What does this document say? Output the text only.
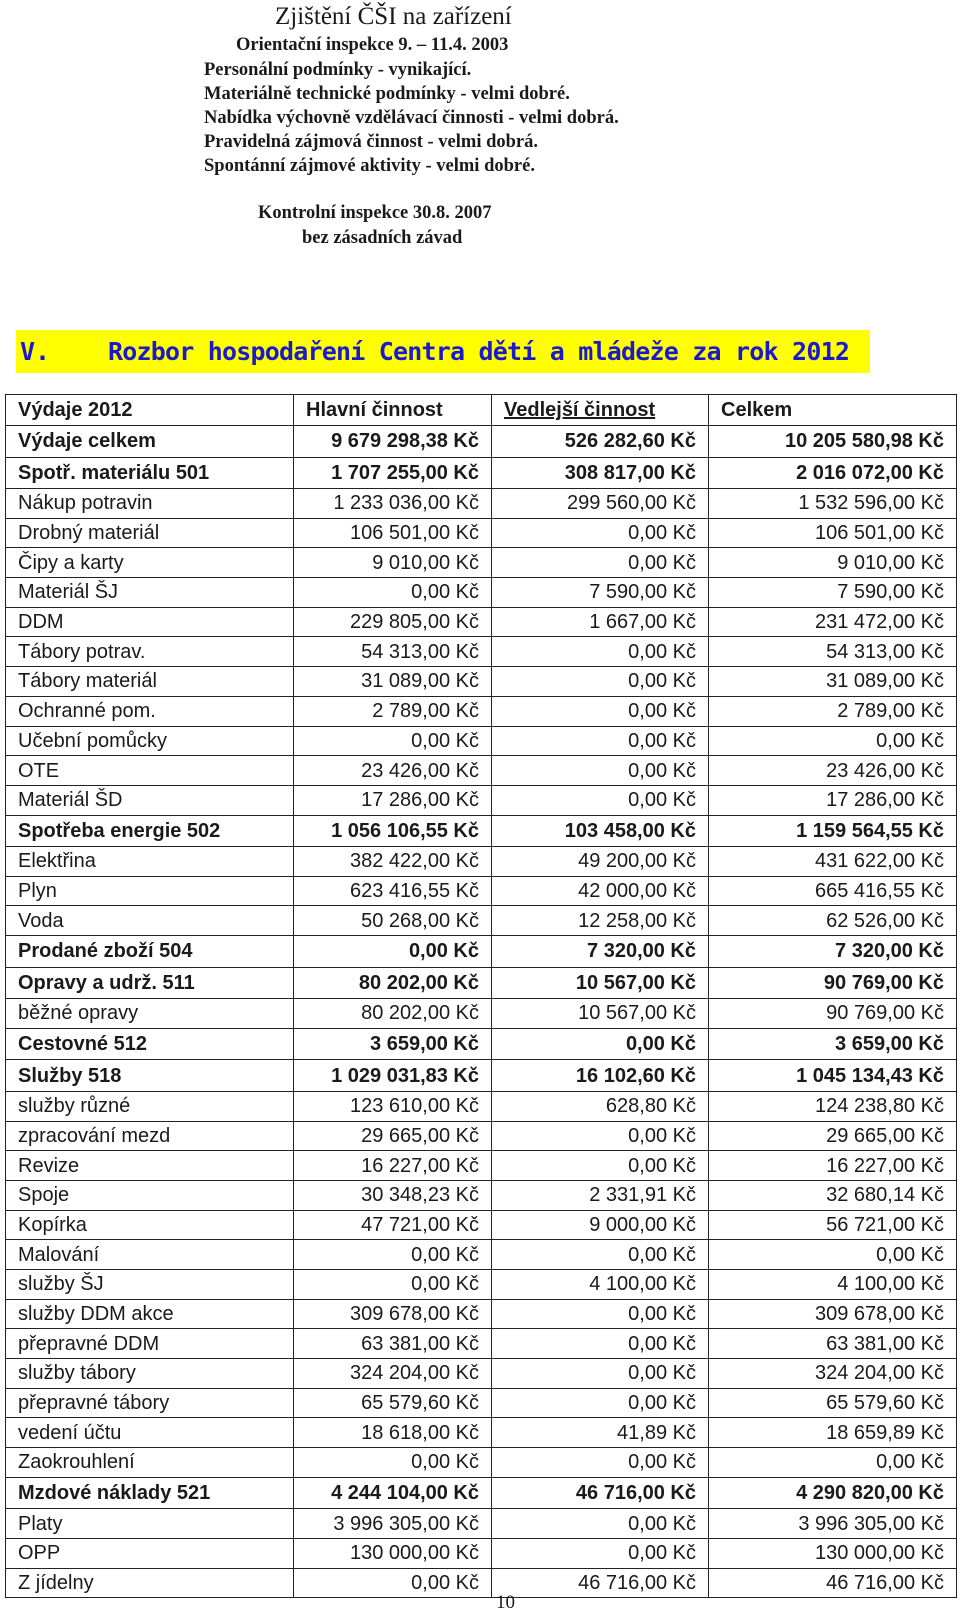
Zjištění ČŠI na zařízení
Orientační inspekce 9. – 11.4. 2003
Personální podmínky - vynikající.
Materiálně technické podmínky - velmi dobré.
Nabídka výchovně vzdělávací činnosti - velmi dobrá.
Pravidelná zájmová činnost - velmi dobrá.
Spontánní zájmové aktivity - velmi dobré.
Kontrolní inspekce 30.8. 2007
bez zásadních závad
V. Rozbor hospodaření Centra dětí a mládeže za rok 2012
Výdaje 2012	Hlavní činnost	Vedlejší činnost	Celkem
Výdaje celkem	9 679 298,38 Kč	526 282,60 Kč	10 205 580,98 Kč
Spotř. materiálu 501	1 707 255,00 Kč	308 817,00 Kč	2 016 072,00 Kč
Nákup potravin	1 233 036,00 Kč	299 560,00 Kč	1 532 596,00 Kč
Drobný materiál	106 501,00 Kč	0,00 Kč	106 501,00 Kč
Čipy a karty	9 010,00 Kč	0,00 Kč	9 010,00 Kč
Materiál ŠJ	0,00 Kč	7 590,00 Kč	7 590,00 Kč
DDM	229 805,00 Kč	1 667,00 Kč	231 472,00 Kč
Tábory potrav.	54 313,00 Kč	0,00 Kč	54 313,00 Kč
Tábory materiál	31 089,00 Kč	0,00 Kč	31 089,00 Kč
Ochranné pom.	2 789,00 Kč	0,00 Kč	2 789,00 Kč
Učební pomůcky	0,00 Kč	0,00 Kč	0,00 Kč
OTE	23 426,00 Kč	0,00 Kč	23 426,00 Kč
Materiál ŠD	17 286,00 Kč	0,00 Kč	17 286,00 Kč
Spotřeba energie 502	1 056 106,55 Kč	103 458,00 Kč	1 159 564,55 Kč
Elektřina	382 422,00 Kč	49 200,00 Kč	431 622,00 Kč
Plyn	623 416,55 Kč	42 000,00 Kč	665 416,55 Kč
Voda	50 268,00 Kč	12 258,00 Kč	62 526,00 Kč
Prodané zboží 504	0,00 Kč	7 320,00 Kč	7 320,00 Kč
Opravy a udrž. 511	80 202,00 Kč	10 567,00 Kč	90 769,00 Kč
běžné opravy	80 202,00 Kč	10 567,00 Kč	90 769,00 Kč
Cestovné 512	3 659,00 Kč	0,00 Kč	3 659,00 Kč
Služby 518	1 029 031,83 Kč	16 102,60 Kč	1 045 134,43 Kč
služby různé	123 610,00 Kč	628,80 Kč	124 238,80 Kč
zpracování mezd	29 665,00 Kč	0,00 Kč	29 665,00 Kč
Revize	16 227,00 Kč	0,00 Kč	16 227,00 Kč
Spoje	30 348,23 Kč	2 331,91 Kč	32 680,14 Kč
Kopírka	47 721,00 Kč	9 000,00 Kč	56 721,00 Kč
Malování	0,00 Kč	0,00 Kč	0,00 Kč
služby ŠJ	0,00 Kč	4 100,00 Kč	4 100,00 Kč
služby DDM akce	309 678,00 Kč	0,00 Kč	309 678,00 Kč
přepravné DDM	63 381,00 Kč	0,00 Kč	63 381,00 Kč
služby tábory	324 204,00 Kč	0,00 Kč	324 204,00 Kč
přepravné tábory	65 579,60 Kč	0,00 Kč	65 579,60 Kč
vedení účtu	18 618,00 Kč	41,89 Kč	18 659,89 Kč
Zaokrouhlení	0,00 Kč	0,00 Kč	0,00 Kč
Mzdové náklady 521	4 244 104,00 Kč	46 716,00 Kč	4 290 820,00 Kč
Platy	3 996 305,00 Kč	0,00 Kč	3 996 305,00 Kč
OPP	130 000,00 Kč	0,00 Kč	130 000,00 Kč
Z jídelny	0,00 Kč	46 716,00 Kč	46 716,00 Kč
10
